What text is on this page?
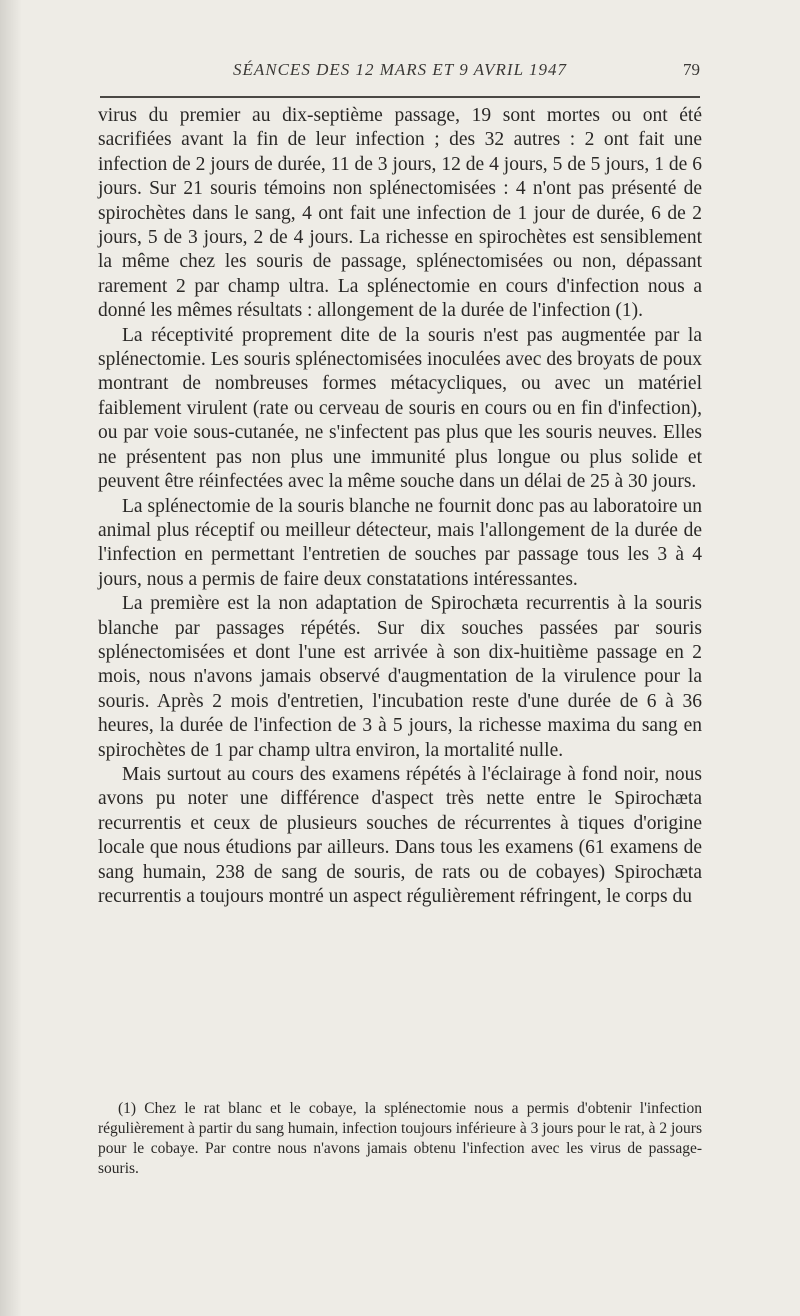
SÉANCES DES 12 MARS ET 9 AVRIL 1947	79

virus du premier au dix-septième passage, 19 sont mortes ou ont été sacrifiées avant la fin de leur infection ; des 32 autres : 2 ont fait une infection de 2 jours de durée, 11 de 3 jours, 12 de 4 jours, 5 de 5 jours, 1 de 6 jours. Sur 21 souris témoins non splénectomisées : 4 n'ont pas présenté de spirochètes dans le sang, 4 ont fait une infection de 1 jour de durée, 6 de 2 jours, 5 de 3 jours, 2 de 4 jours. La richesse en spirochètes est sensiblement la même chez les souris de passage, splénectomisées ou non, dépassant rarement 2 par champ ultra. La splénectomie en cours d'infection nous a donné les mêmes résultats : allongement de la durée de l'infection (1).

La réceptivité proprement dite de la souris n'est pas augmentée par la splénectomie. Les souris splénectomisées inoculées avec des broyats de poux montrant de nombreuses formes métacycliques, ou avec un matériel faiblement virulent (rate ou cerveau de souris en cours ou en fin d'infection), ou par voie sous-cutanée, ne s'infectent pas plus que les souris neuves. Elles ne présentent pas non plus une immunité plus longue ou plus solide et peuvent être réinfectées avec la même souche dans un délai de 25 à 30 jours.

La splénectomie de la souris blanche ne fournit donc pas au laboratoire un animal plus réceptif ou meilleur détecteur, mais l'allongement de la durée de l'infection en permettant l'entretien de souches par passage tous les 3 à 4 jours, nous a permis de faire deux constatations intéressantes.

La première est la non adaptation de Spirochæta recurrentis à la souris blanche par passages répétés. Sur dix souches passées par souris splénectomisées et dont l'une est arrivée à son dix-huitième passage en 2 mois, nous n'avons jamais observé d'augmentation de la virulence pour la souris. Après 2 mois d'entretien, l'incubation reste d'une durée de 6 à 36 heures, la durée de l'infection de 3 à 5 jours, la richesse maxima du sang en spirochètes de 1 par champ ultra environ, la mortalité nulle.

Mais surtout au cours des examens répétés à l'éclairage à fond noir, nous avons pu noter une différence d'aspect très nette entre le Spirochæta recurrentis et ceux de plusieurs souches de récurrentes à tiques d'origine locale que nous étudions par ailleurs. Dans tous les examens (61 examens de sang humain, 238 de sang de souris, de rats ou de cobayes) Spirochæta recurrentis a toujours montré un aspect régulièrement réfringent, le corps du

(1) Chez le rat blanc et le cobaye, la splénectomie nous a permis d'obtenir l'infection régulièrement à partir du sang humain, infection toujours inférieure à 3 jours pour le rat, à 2 jours pour le cobaye. Par contre nous n'avons jamais obtenu l'infection avec les virus de passage-souris.
